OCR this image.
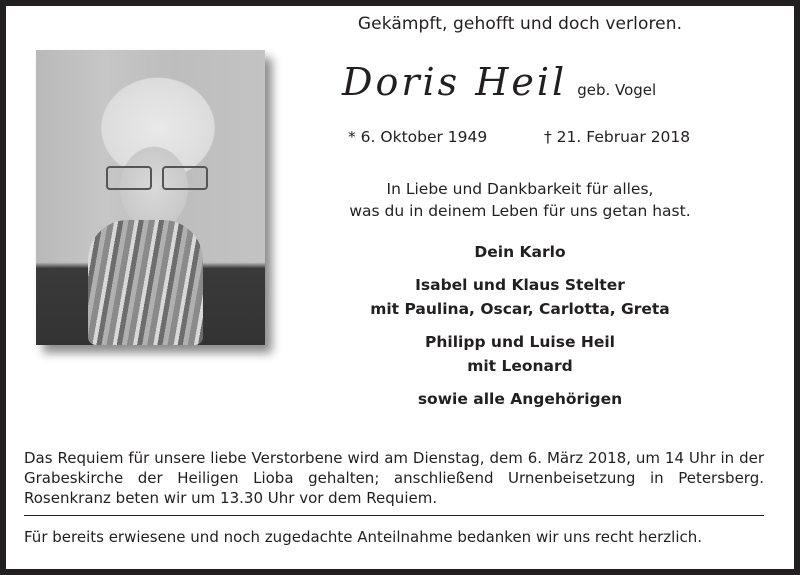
Gekämpft, gehofft und doch verloren.
Doris Heil geb. Vogel
* 6. Oktober 1949	† 21. Februar 2018
In Liebe und Dankbarkeit für alles,
was du in deinem Leben für uns getan hast.
Dein Karlo
Isabel und Klaus Stelter
mit Paulina, Oscar, Carlotta, Greta
Philipp und Luise Heil
mit Leonard
sowie alle Angehörigen
Das Requiem für unsere liebe Verstorbene wird am Dienstag, dem 6. März 2018, um 14 Uhr in der Grabeskirche der Heiligen Lioba gehalten; anschließend Urnenbeisetzung in Petersberg. Rosenkranz beten wir um 13.30 Uhr vor dem Requiem.
Für bereits erwiesene und noch zugedachte Anteilnahme bedanken wir uns recht herzlich.
